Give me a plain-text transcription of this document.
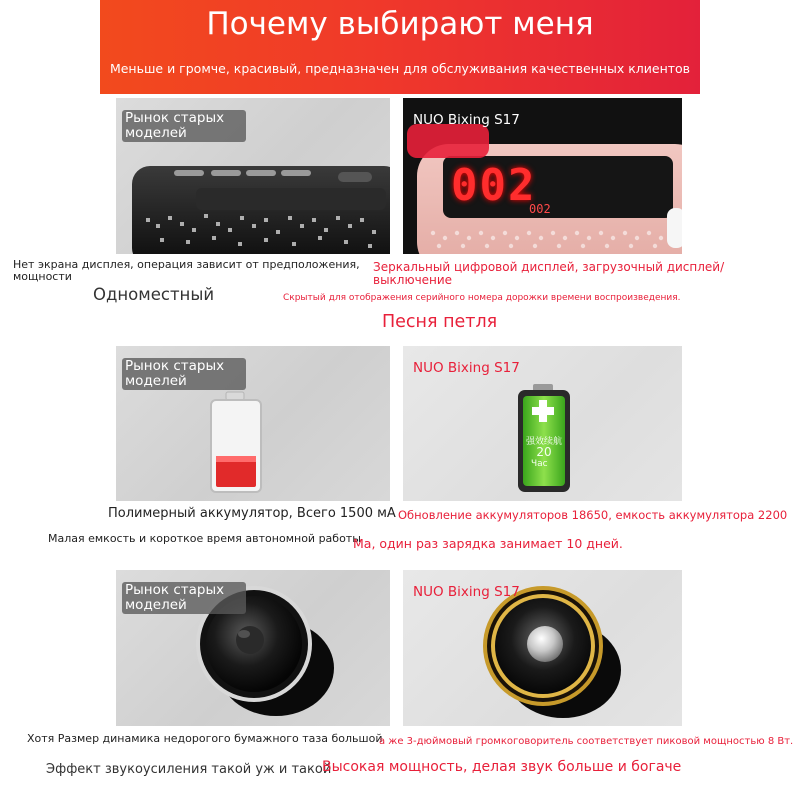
Почему выбирают меня
Меньше и громче, красивый, предназначен для обслуживания качественных клиентов
Рынок старых моделей
002
002
NUO Bixing S17
Нет экрана дисплея, операция зависит от предположения, мощности
Одноместный
Зеркальный цифровой дисплей, загрузочный дисплей/выключение
Скрытый для отображения серийного номера дорожки времени воспроизведения.
Песня петля
Рынок старых моделей
强效续航
20
Час
NUO Bixing S17
Полимерный аккумулятор, Всего 1500 мА
Малая емкость и короткое время автономной работы
Обновление аккумуляторов 18650, емкость аккумулятора 2200
Ма, один раз зарядка занимает 10 дней.
Рынок старых моделей
NUO Bixing S17
Хотя Размер динамика недорогого бумажного таза большой
Эффект звукоусиления такой уж и такой
а же 3-дюймовый громкоговоритель соответствует пиковой мощностью 8 Вт.
Высокая мощность, делая звук больше и богаче
